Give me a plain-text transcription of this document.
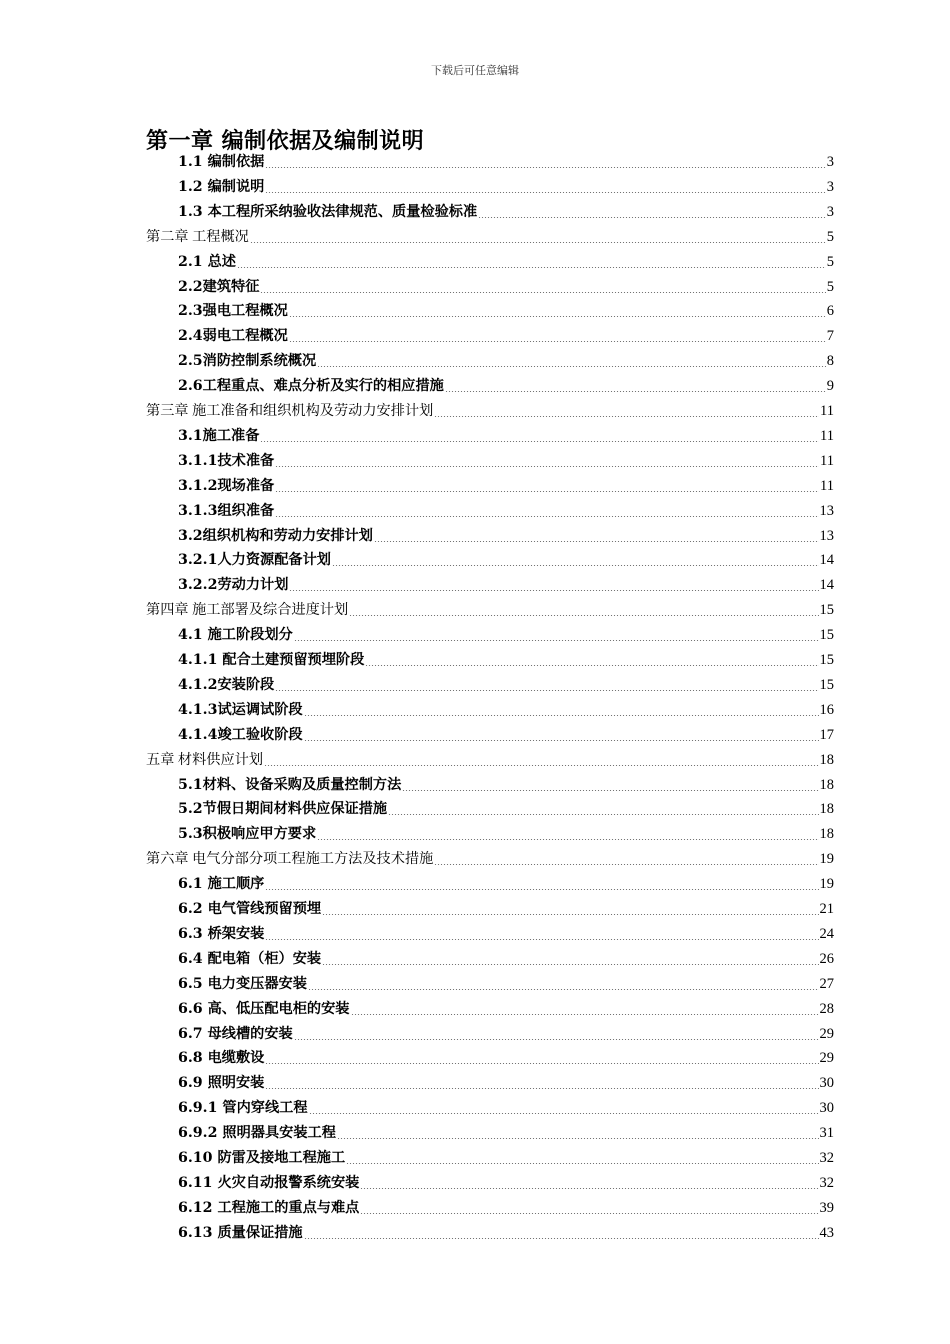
下载后可任意编辑
第一章 编制依据及编制说明
1.1 编制依据	3
1.2 编制说明	3
1.3 本工程所采纳验收法律规范、质量检验标准	3
第二章 工程概况	5
2.1 总述	5
2.2建筑特征	5
2.3强电工程概况	6
2.4弱电工程概况	7
2.5消防控制系统概况	8
2.6工程重点、难点分析及实行的相应措施	9
第三章 施工准备和组织机构及劳动力安排计划	11
3.1施工准备	11
3.1.1技术准备	11
3.1.2现场准备	11
3.1.3组织准备	13
3.2组织机构和劳动力安排计划	13
3.2.1人力资源配备计划	14
3.2.2劳动力计划	14
第四章 施工部署及综合进度计划	15
4.1 施工阶段划分	15
4.1.1 配合土建预留预埋阶段	15
4.1.2安装阶段	15
4.1.3试运调试阶段	16
4.1.4竣工验收阶段	17
五章 材料供应计划	18
5.1材料、设备采购及质量控制方法	18
5.2节假日期间材料供应保证措施	18
5.3积极响应甲方要求	18
第六章 电气分部分项工程施工方法及技术措施	19
6.1 施工顺序	19
6.2 电气管线预留预埋	21
6.3 桥架安装	24
6.4 配电箱（柜）安装	26
6.5 电力变压器安装	27
6.6 高、低压配电柜的安装	28
6.7 母线槽的安装	29
6.8 电缆敷设	29
6.9 照明安装	30
6.9.1 管内穿线工程	30
6.9.2 照明器具安装工程	31
6.10 防雷及接地工程施工	32
6.11 火灾自动报警系统安装	32
6.12 工程施工的重点与难点	39
6.13 质量保证措施	43
